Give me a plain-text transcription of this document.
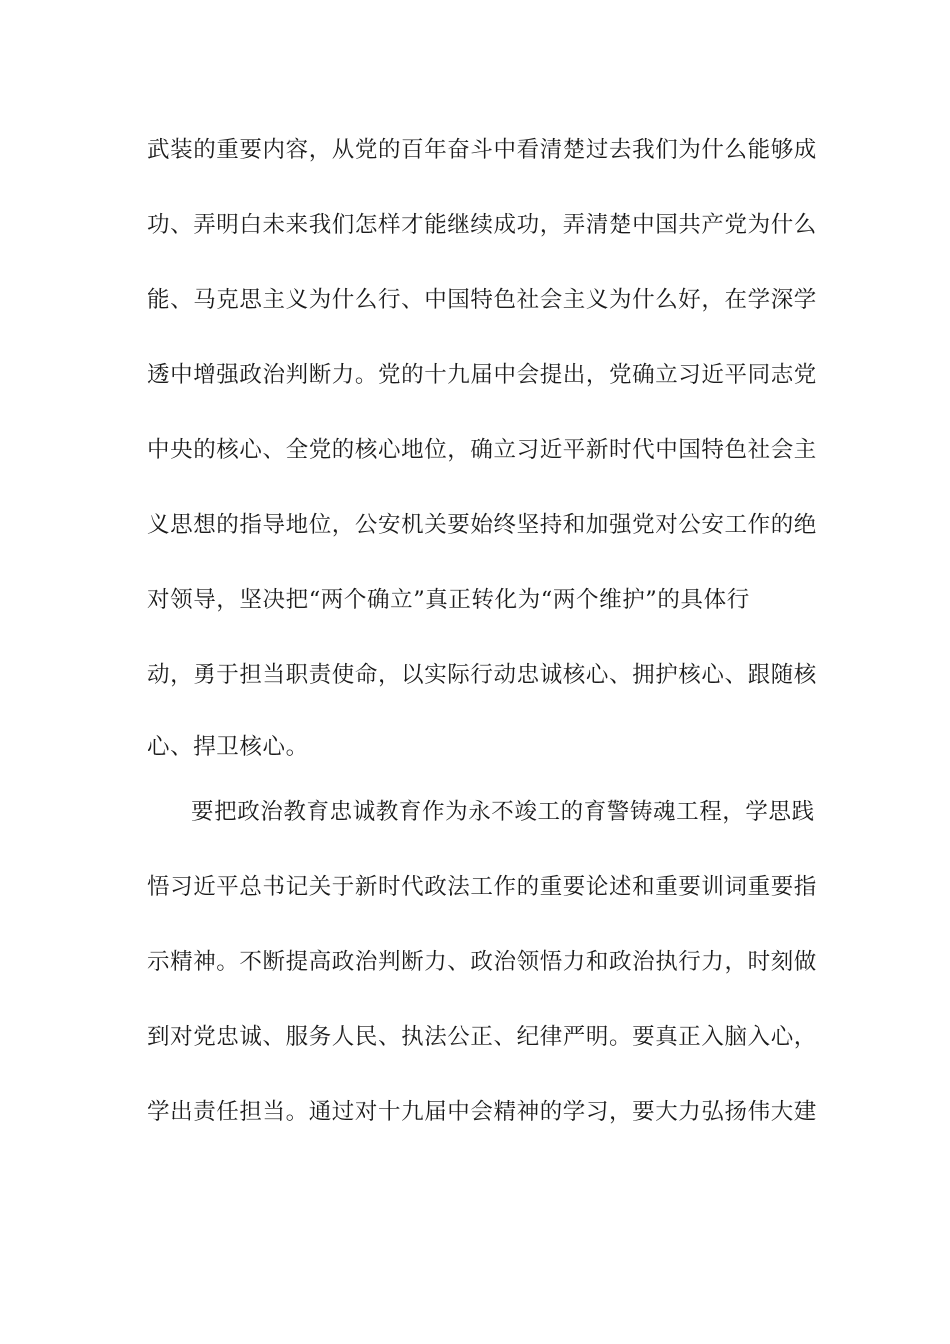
武装的重要内容，从党的百年奋斗中看清楚过去我们为什么能够成
功、弄明白未来我们怎样才能继续成功，弄清楚中国共产党为什么
能、马克思主义为什么行、中国特色社会主义为什么好，在学深学
透中增强政治判断力。党的十九届中会提出，党确立习近平同志党
中央的核心、全党的核心地位，确立习近平新时代中国特色社会主
义思想的指导地位，公安机关要始终坚持和加强党对公安工作的绝
对领导，坚决把“两个确立”真正转化为“两个维护”的具体行
动，勇于担当职责使命，以实际行动忠诚核心、拥护核心、跟随核
心、捍卫核心。
要把政治教育忠诚教育作为永不竣工的育警铸魂工程，学思践
悟习近平总书记关于新时代政法工作的重要论述和重要训词重要指
示精神。不断提高政治判断力、政治领悟力和政治执行力，时刻做
到对党忠诚、服务人民、执法公正、纪律严明。要真正入脑入心，
学出责任担当。通过对十九届中会精神的学习，要大力弘扬伟大建
